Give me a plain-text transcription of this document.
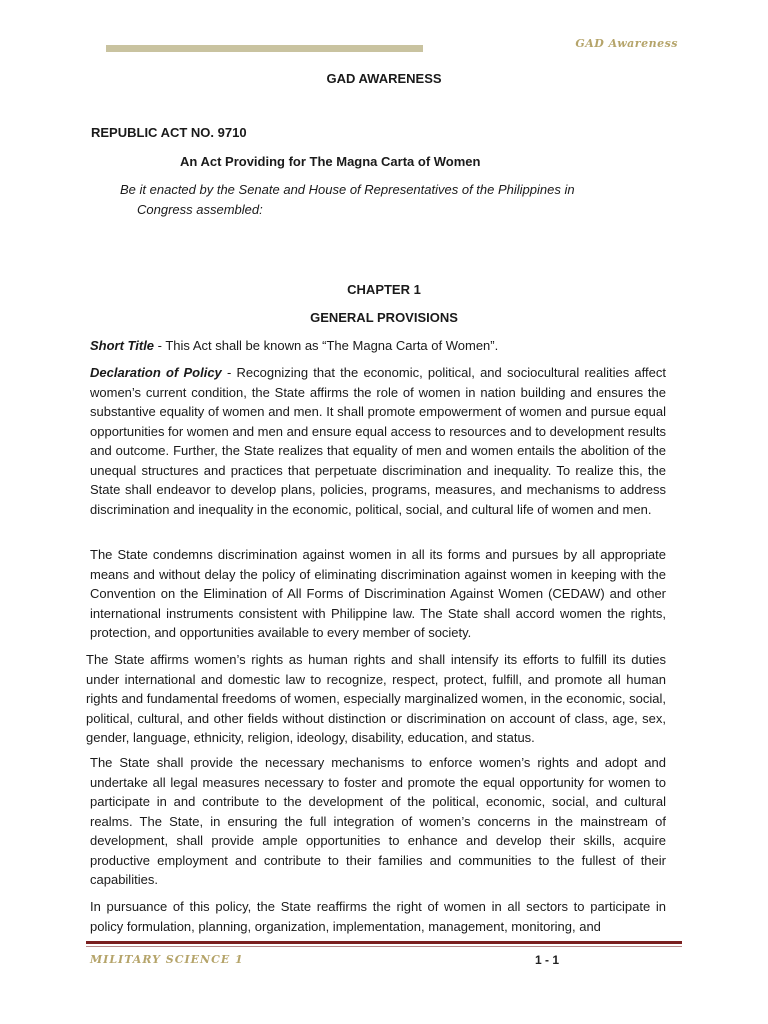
GAD Awareness
GAD AWARENESS
REPUBLIC ACT NO. 9710
An Act Providing for The Magna Carta of Women
Be it enacted by the Senate and House of Representatives of the Philippines in
Congress assembled:
CHAPTER 1
GENERAL PROVISIONS
Short Title - This Act shall be known as “The Magna Carta of Women”.
Declaration of Policy - Recognizing that the economic, political, and sociocultural realities affect women’s current condition, the State affirms the role of women in nation building and ensures the substantive equality of women and men. It shall promote empowerment of women and pursue equal opportunities for women and men and ensure equal access to resources and to development results and outcome. Further, the State realizes that equality of men and women entails the abolition of the unequal structures and practices that perpetuate discrimination and inequality. To realize this, the State shall endeavor to develop plans, policies, programs, measures, and mechanisms to address discrimination and inequality in the economic, political, social, and cultural life of women and men.
The State condemns discrimination against women in all its forms and pursues by all appropriate means and without delay the policy of eliminating discrimination against women in keeping with the Convention on the Elimination of All Forms of Discrimination Against Women (CEDAW) and other international instruments consistent with Philippine law. The State shall accord women the rights, protection, and opportunities available to every member of society.
The State affirms women’s rights as human rights and shall intensify its efforts to fulfill its duties under international and domestic law to recognize, respect, protect, fulfill, and promote all human rights and fundamental freedoms of women, especially marginalized women, in the economic, social, political, cultural, and other fields without distinction or discrimination on account of class, age, sex, gender, language, ethnicity, religion, ideology, disability, education, and status.
The State shall provide the necessary mechanisms to enforce women’s rights and adopt and undertake all legal measures necessary to foster and promote the equal opportunity for women to participate in and contribute to the development of the political, economic, social, and cultural realms. The State, in ensuring the full integration of women’s concerns in the mainstream of development, shall provide ample opportunities to enhance and develop their skills, acquire productive employment and contribute to their families and communities to the fullest of their capabilities.
In pursuance of this policy, the State reaffirms the right of women in all sectors to participate in policy formulation, planning, organization, implementation, management, monitoring, and
MILITARY SCIENCE 1	1 - 1
